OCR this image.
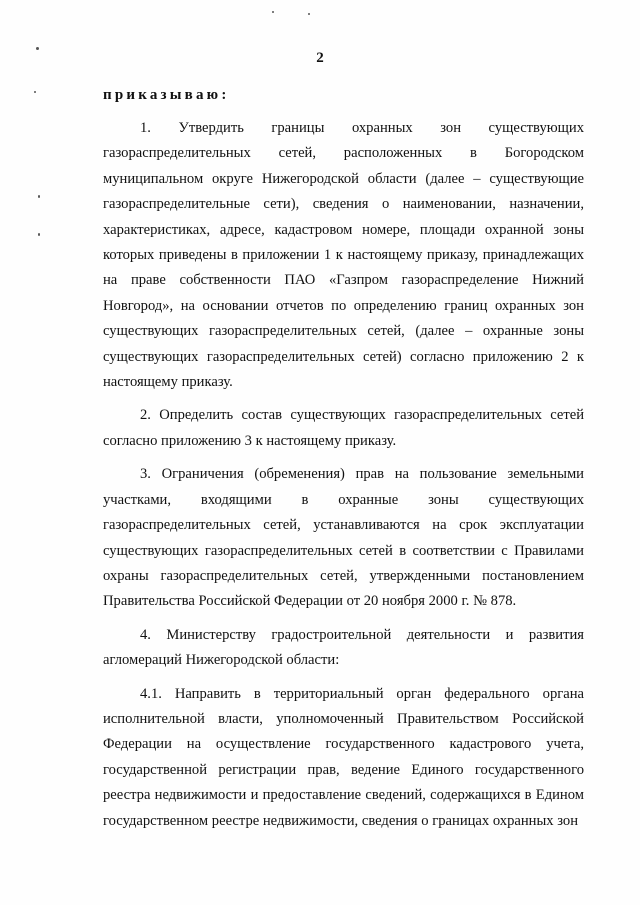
2
приказываю:

1. Утвердить границы охранных зон существующих газораспределительных сетей, расположенных в Богородском муниципальном округе Нижегородской области (далее – существующие газораспределительные сети), сведения о наименовании, назначении, характеристиках, адресе, кадастровом номере, площади охранной зоны которых приведены в приложении 1 к настоящему приказу, принадлежащих на праве собственности ПАО «Газпром газораспределение Нижний Новгород», на основании отчетов по определению границ охранных зон существующих газораспределительных сетей, (далее – охранные зоны существующих газораспределительных сетей) согласно приложению 2 к настоящему приказу.

2. Определить состав существующих газораспределительных сетей согласно приложению 3 к настоящему приказу.

3. Ограничения (обременения) прав на пользование земельными участками, входящими в охранные зоны существующих газораспределительных сетей, устанавливаются на срок эксплуатации существующих газораспределительных сетей в соответствии с Правилами охраны газораспределительных сетей, утвержденными постановлением Правительства Российской Федерации от 20 ноября 2000 г. № 878.

4. Министерству градостроительной деятельности и развития агломераций Нижегородской области:

4.1. Направить в территориальный орган федерального органа исполнительной власти, уполномоченный Правительством Российской Федерации на осуществление государственного кадастрового учета, государственной регистрации прав, ведение Единого государственного реестра недвижимости и предоставление сведений, содержащихся в Едином государственном реестре недвижимости, сведения о границах охранных зон
